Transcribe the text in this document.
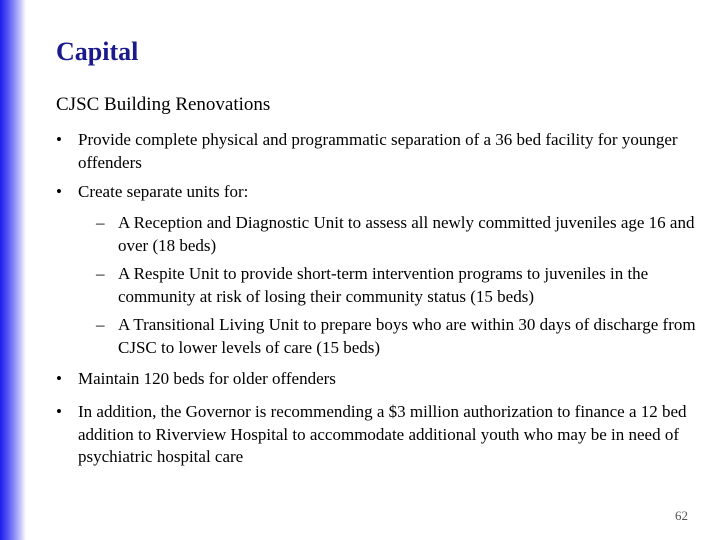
Capital

CJSC Building Renovations

• Provide complete physical and programmatic separation of a 36 bed facility for younger offenders
• Create separate units for:
– A Reception and Diagnostic Unit to assess all newly committed juveniles age 16 and over (18 beds)
– A Respite Unit to provide short-term intervention programs to juveniles in the community at risk of losing their community status (15 beds)
– A Transitional Living Unit to prepare boys who are within 30 days of discharge from CJSC to lower levels of care (15 beds)
• Maintain 120 beds for older offenders
• In addition, the Governor is recommending a $3 million authorization to finance a 12 bed addition to Riverview Hospital to accommodate additional youth who may be in need of psychiatric hospital care
62
